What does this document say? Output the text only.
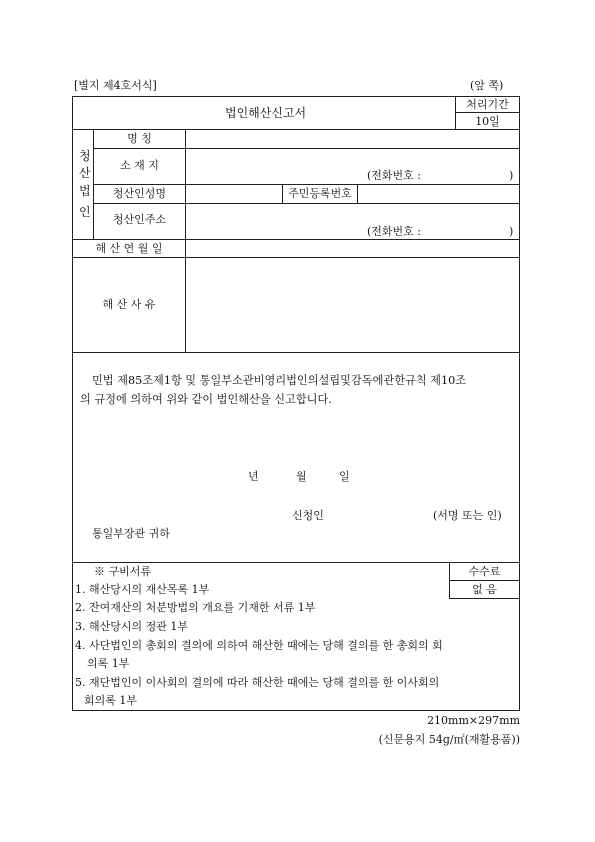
[별지 제4호서식]	(앞 쪽)
법인해산신고서
처리기간
10일
청
산
법
인
명 칭
소 재 지
(전화번호 :	)
청산인성명	주민등록번호
청산인주소
(전화번호 :	)
해 산 연 월 일
해 산 사 유
민법 제85조제1항 및 통일부소관비영리법인의설립및감독에관한규칙 제10조
의 규정에 의하여 위와 같이 법인해산을 신고합니다.
년	월	일
신청인	(서명 또는 인)
통일부장관 귀하
※ 구비서류	수수료
없 음
1. 해산당시의 재산목록 1부
2. 잔여재산의 처분방법의 개요를 기재한 서류 1부
3. 해산당시의 정관 1부
4. 사단법인의 총회의 결의에 의하여 해산한 때에는 당해 결의를 한 총회의 회
의록 1부
5. 재단법인이 이사회의 결의에 따라 해산한 때에는 당해 결의를 한 이사회의
회의록 1부
210mm×297mm
(신문용지 54g/㎡(재활용품))
